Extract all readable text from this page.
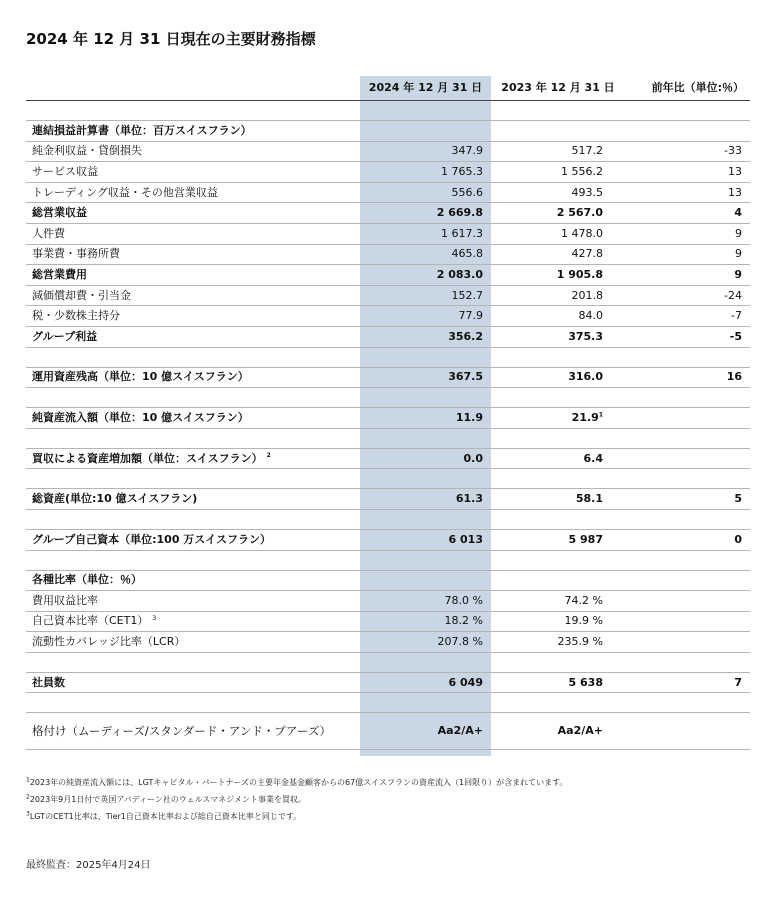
2024 年 12 月 31 日現在の主要財務指標
	2024 年 12 月 31 日	2023 年 12 月 31 日	前年比（単位:％）

連結損益計算書（単位：百万スイスフラン）			
純金利収益・貸倒損失	347.9	517.2	-33
サービス収益	1 765.3	1 556.2	13
トレーディング収益・その他営業収益	556.6	493.5	13
総営業収益	2 669.8	2 567.0	4
人件費	1 617.3	1 478.0	9
事業費・事務所費	465.8	427.8	9
総営業費用	2 083.0	1 905.8	9
減価償却費・引当金	152.7	201.8	-24
税・少数株主持分	77.9	84.0	-7
グループ利益	356.2	375.3	-5

運用資産残高（単位：10 億スイスフラン）	367.5	316.0	16

純資産流入額（単位：10 億スイスフラン）	11.9	21.9$^1$	

買収による資産増加額（単位：スイスフラン） $^2$	0.0	6.4	

総資産(単位:10 億スイスフラン)	61.3	58.1	5

グループ自己資本（単位:100 万スイスフラン）	6 013	5 987	0

各種比率（単位：％）			
費用収益比率	78.0 %	74.2 %	
自己資本比率（CET1） $^3$	18.2 %	19.9 %	
流動性カバレッジ比率（LCR）	207.8 %	235.9 %	

社員数	6 049	5 638	7

格付け（ムーディーズ/スタンダード・アンド・プアーズ）	Aa2/A+	Aa2/A+	
$^1$2023年の純資産流入額には、LGTキャピタル・パートナーズの主要年金基金顧客からの67億スイスフランの資産流入（1回限り）が含まれています。
$^2$2023年9月1日付で英国アバディーン社のウェルスマネジメント事業を買収。
$^3$LGTのCET1比率は、Tier1自己資本比率および総自己資本比率と同じです。
最終監査：2025年4月24日
